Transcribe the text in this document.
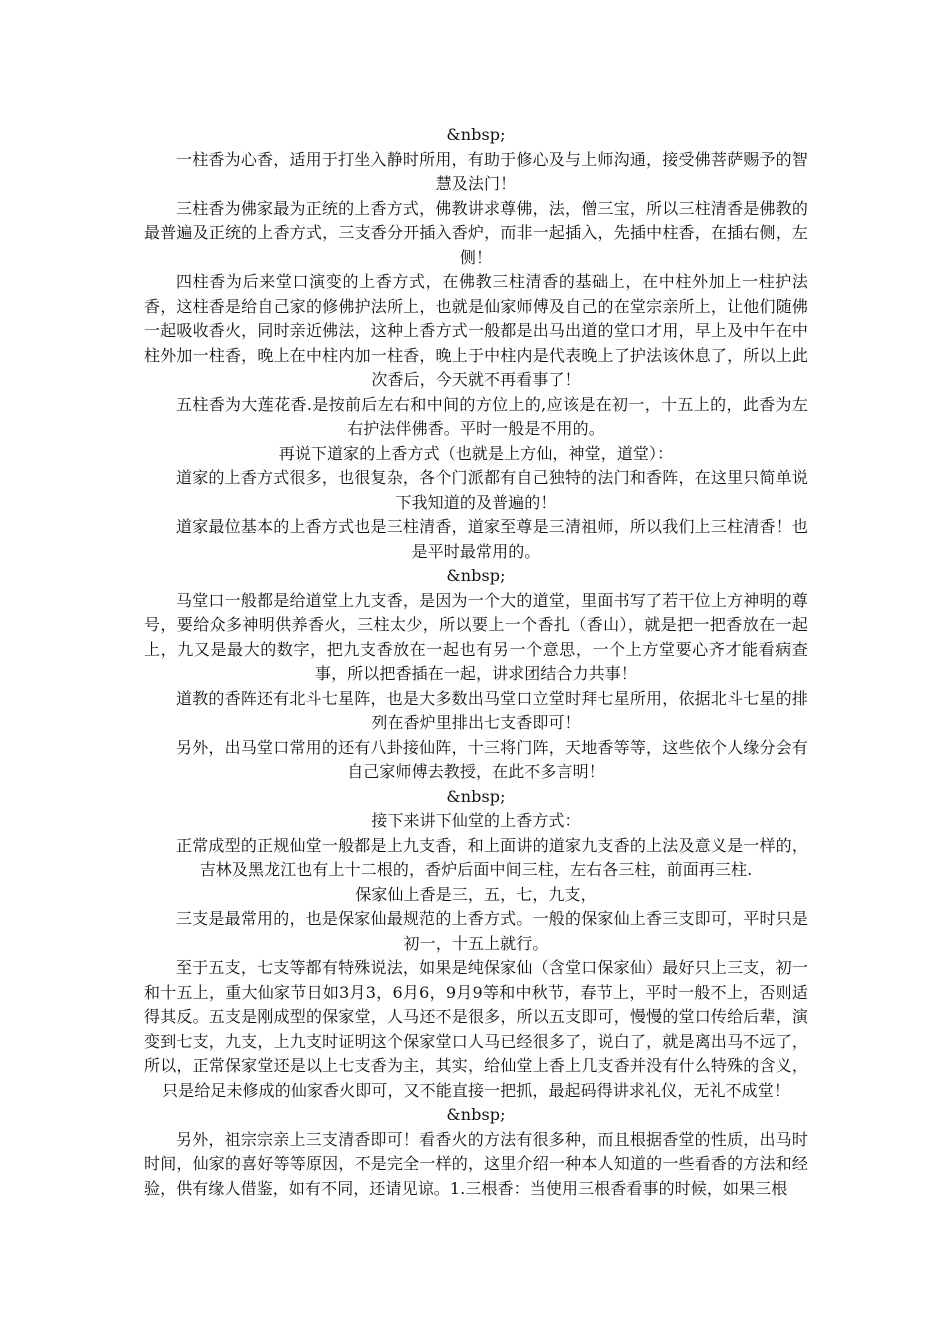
&nbsp;

一柱香为心香，适用于打坐入静时所用，有助于修心及与上师沟通，接受佛菩萨赐予的智慧及法门！

三柱香为佛家最为正统的上香方式，佛教讲求尊佛，法，僧三宝，所以三柱清香是佛教的最普遍及正统的上香方式，三支香分开插入香炉，而非一起插入，先插中柱香，在插右侧，左侧！

四柱香为后来堂口演变的上香方式，在佛教三柱清香的基础上，在中柱外加上一柱护法香，这柱香是给自己家的修佛护法所上，也就是仙家师傅及自己的在堂宗亲所上，让他们随佛一起吸收香火，同时亲近佛法，这种上香方式一般都是出马出道的堂口才用，早上及中午在中柱外加一柱香，晚上在中柱内加一柱香，晚上于中柱内是代表晚上了护法该休息了，所以上此次香后，今天就不再看事了！

五柱香为大莲花香.是按前后左右和中间的方位上的,应该是在初一，十五上的，此香为左右护法伴佛香。平时一般是不用的。

再说下道家的上香方式（也就是上方仙，神堂，道堂）：

道家的上香方式很多，也很复杂，各个门派都有自己独特的法门和香阵，在这里只简单说下我知道的及普遍的！

道家最位基本的上香方式也是三柱清香，道家至尊是三清祖师，所以我们上三柱清香！也是平时最常用的。

&nbsp;

马堂口一般都是给道堂上九支香，是因为一个大的道堂，里面书写了若干位上方神明的尊号，要给众多神明供养香火，三柱太少，所以要上一个香扎（香山），就是把一把香放在一起上，九又是最大的数字，把九支香放在一起也有另一个意思，一个上方堂要心齐才能看病查事，所以把香插在一起，讲求团结合力共事！

道教的香阵还有北斗七星阵，也是大多数出马堂口立堂时拜七星所用，依据北斗七星的排列在香炉里排出七支香即可！

另外，出马堂口常用的还有八卦接仙阵，十三将门阵，天地香等等，这些依个人缘分会有自己家师傅去教授，在此不多言明！

&nbsp;

接下来讲下仙堂的上香方式：

正常成型的正规仙堂一般都是上九支香，和上面讲的道家九支香的上法及意义是一样的，吉林及黑龙江也有上十二根的，香炉后面中间三柱，左右各三柱，前面再三柱.

保家仙上香是三，五，七，九支，

三支是最常用的，也是保家仙最规范的上香方式。一般的保家仙上香三支即可，平时只是初一，十五上就行。

至于五支，七支等都有特殊说法，如果是纯保家仙（含堂口保家仙）最好只上三支，初一和十五上，重大仙家节日如3月3，6月6，9月9等和中秋节，春节上，平时一般不上，否则适得其反。五支是刚成型的保家堂，人马还不是很多，所以五支即可，慢慢的堂口传给后辈，演变到七支，九支，上九支时证明这个保家堂口人马已经很多了，说白了，就是离出马不远了，所以，正常保家堂还是以上七支香为主，其实，给仙堂上香上几支香并没有什么特殊的含义，只是给足未修成的仙家香火即可，又不能直接一把抓，最起码得讲求礼仪，无礼不成堂！

&nbsp;

另外，祖宗宗亲上三支清香即可！看香火的方法有很多种，而且根据香堂的性质，出马时时间，仙家的喜好等等原因，不是完全一样的，这里介绍一种本人知道的一些看香的方法和经验，供有缘人借鉴，如有不同，还请见谅。1.三根香：当使用三根香看事的时候，如果三根
